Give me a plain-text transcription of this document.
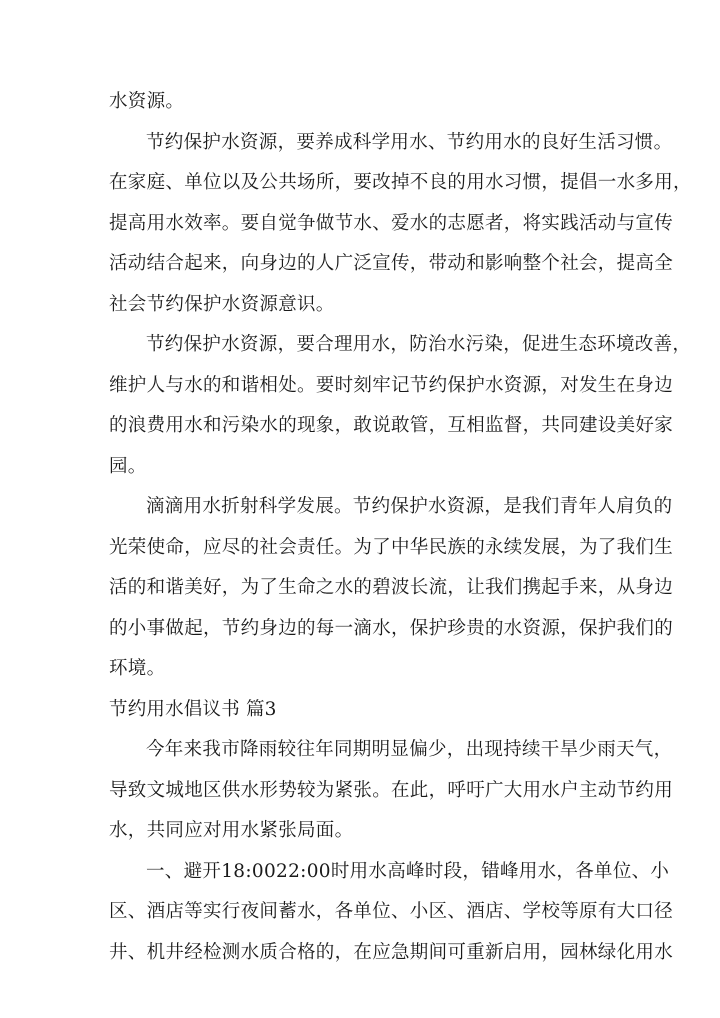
水资源。
节约保护水资源，要养成科学用水、节约用水的良好生活习惯。
在家庭、单位以及公共场所，要改掉不良的用水习惯，提倡一水多用，
提高用水效率。要自觉争做节水、爱水的志愿者，将实践活动与宣传
活动结合起来，向身边的人广泛宣传，带动和影响整个社会，提高全
社会节约保护水资源意识。
节约保护水资源，要合理用水，防治水污染，促进生态环境改善，
维护人与水的和谐相处。要时刻牢记节约保护水资源，对发生在身边
的浪费用水和污染水的现象，敢说敢管，互相监督，共同建设美好家
园。
滴滴用水折射科学发展。节约保护水资源，是我们青年人肩负的
光荣使命，应尽的社会责任。为了中华民族的永续发展，为了我们生
活的和谐美好，为了生命之水的碧波长流，让我们携起手来，从身边
的小事做起，节约身边的每一滴水，保护珍贵的水资源，保护我们的
环境。
节约用水倡议书 篇3
今年来我市降雨较往年同期明显偏少，出现持续干旱少雨天气，
导致文城地区供水形势较为紧张。在此，呼吁广大用水户主动节约用
水，共同应对用水紧张局面。
一、避开18:0022:00时用水高峰时段，错峰用水，各单位、小
区、酒店等实行夜间蓄水，各单位、小区、酒店、学校等原有大口径
井、机井经检测水质合格的，在应急期间可重新启用，园林绿化用水
